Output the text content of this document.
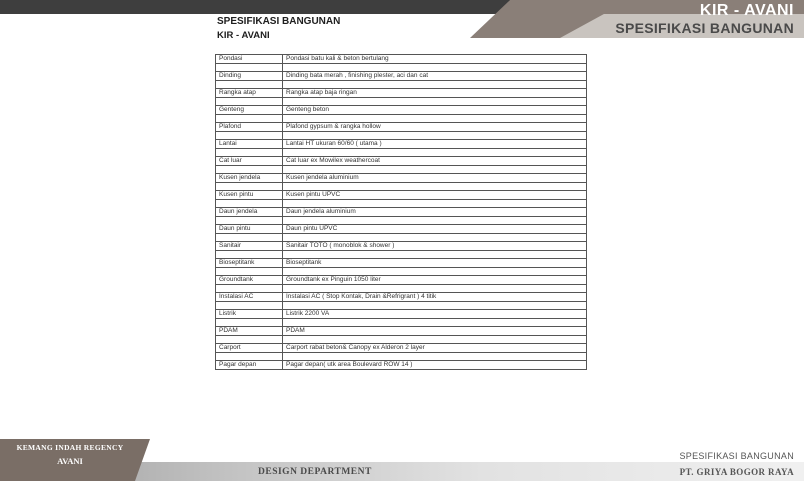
KIR - AVANI
SPESIFIKASI BANGUNAN
SPESIFIKASI BANGUNAN
KIR - AVANI
Pondasi	Pondasi batu kali & beton bertulang

Dinding	Dinding bata merah , finishing plester, aci dan cat

Rangka atap	Rangka atap baja ringan

Genteng	Genteng beton

Plafond	Plafond gypsum & rangka hollow

Lantai	Lantai HT ukuran 60/60 ( utama )

Cat luar	Cat luar ex Mowilex weathercoat

Kusen jendela	Kusen jendela aluminium

Kusen pintu	Kusen pintu UPVC

Daun jendela	Daun jendela aluminium

Daun pintu	Daun pintu UPVC

Sanitair	Sanitair TOTO ( monoblok & shower )

Bioseptitank	Bioseptitank

Groundtank	Groundtank ex Pinguin 1050 liter

Instalasi AC	Instalasi AC ( Stop Kontak, Drain &Refrigrant ) 4 titik

Listrik	Listrik 2200 VA

PDAM	PDAM

Carport	Carport rabat beton& Canopy ex Alderon 2 layer

Pagar depan	Pagar depan( utk area Boulevard ROW 14 )
KEMANG INDAH REGENCY
AVANI
DESIGN DEPARTMENT
SPESIFIKASI BANGUNAN
PT. GRIYA BOGOR RAYA
